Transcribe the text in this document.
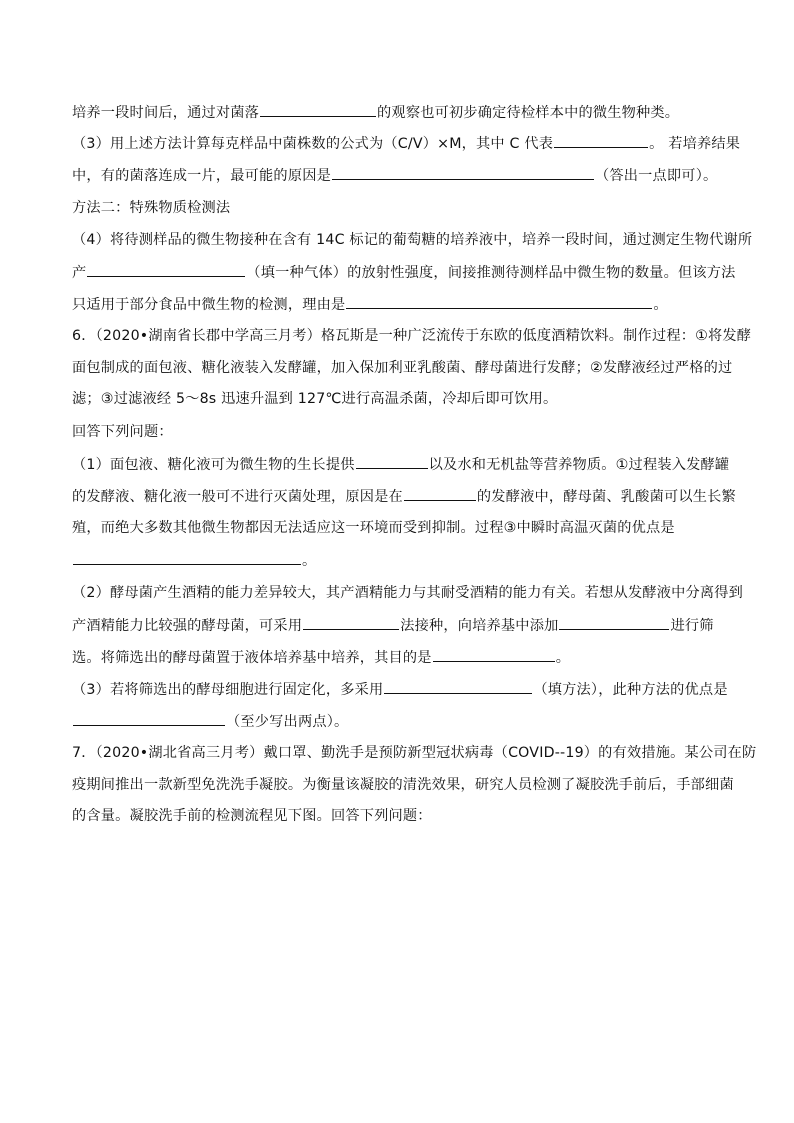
培养一段时间后，通过对菌落	的观察也可初步确定待检样本中的微生物种类。
（3）用上述方法计算每克样品中菌株数的公式为（C/V）×M，其中 C 代表	。 若培养结果
中，有的菌落连成一片，最可能的原因是	（答出一点即可）。
方法二：特殊物质检测法
（4）将待测样品的微生物接种在含有 14C 标记的葡萄糖的培养液中，培养一段时间，通过测定生物代谢所
产	（填一种气体）的放射性强度，间接推测待测样品中微生物的数量。但该方法
只适用于部分食品中微生物的检测，理由是	。
6．（2020•湖南省长郡中学高三月考）格瓦斯是一种广泛流传于东欧的低度酒精饮料。制作过程：①将发酵
面包制成的面包液、糖化液装入发酵罐，加入保加利亚乳酸菌、酵母菌进行发酵；②发酵液经过严格的过
滤；③过滤液经 5～8s 迅速升温到 127℃进行高温杀菌，冷却后即可饮用。
回答下列问题：
（1）面包液、糖化液可为微生物的生长提供	以及水和无机盐等营养物质。①过程装入发酵罐
的发酵液、糖化液一般可不进行灭菌处理，原因是在	的发酵液中，酵母菌、乳酸菌可以生长繁
殖，而绝大多数其他微生物都因无法适应这一环境而受到抑制。过程③中瞬时高温灭菌的优点是
。
（2）酵母菌产生酒精的能力差异较大，其产酒精能力与其耐受酒精的能力有关。若想从发酵液中分离得到
产酒精能力比较强的酵母菌，可采用	法接种，向培养基中添加	进行筛
选。将筛选出的酵母菌置于液体培养基中培养，其目的是	。
（3）若将筛选出的酵母细胞进行固定化，多采用	（填方法），此种方法的优点是
（至少写出两点）。
7．（2020•湖北省高三月考）戴口罩、勤洗手是预防新型冠状病毒（COVID--19）的有效措施。某公司在防
疫期间推出一款新型免洗洗手凝胶。为衡量该凝胶的清洗效果，研究人员检测了凝胶洗手前后，手部细菌
的含量。凝胶洗手前的检测流程见下图。回答下列问题：
